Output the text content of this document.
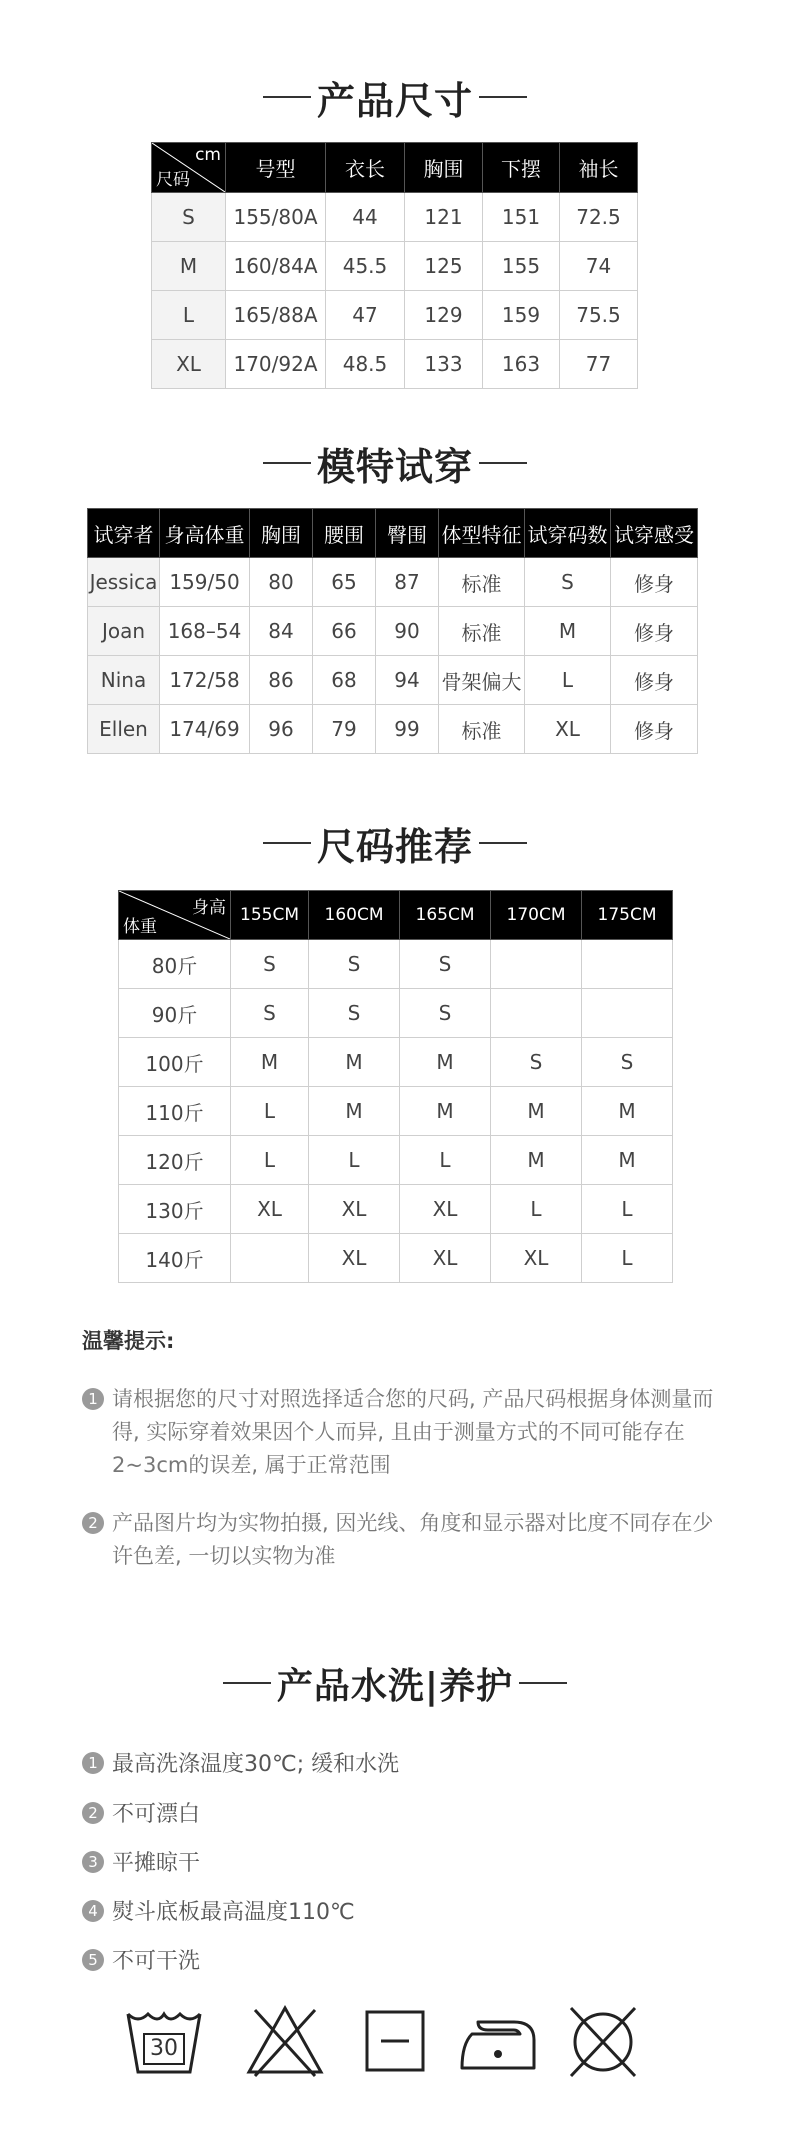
产品尺寸
cm
尺码	号型	衣长	胸围	下摆	袖长
S	155/80A	44	121	151	72.5
M	160/84A	45.5	125	155	74
L	165/88A	47	129	159	75.5
XL	170/92A	48.5	133	163	77
模特试穿
试穿者	身高体重	胸围	腰围	臀围	体型特征	试穿码数	试穿感受
Jessica	159/50	80	65	87	标准	S	修身
Joan	168–54	84	66	90	标准	M	修身
Nina	172/58	86	68	94	骨架偏大	L	修身
Ellen	174/69	96	79	99	标准	XL	修身
尺码推荐
身高
体重	155CM	160CM	165CM	170CM	175CM
80斤	S	S	S		
90斤	S	S	S		
100斤	M	M	M	S	S
110斤	L	M	M	M	M
120斤	L	L	L	M	M
130斤	XL	XL	XL	L	L
140斤		XL	XL	XL	L
温馨提示:
1 请根据您的尺寸对照选择适合您的尺码, 产品尺码根据身体测量而得, 实际穿着效果因个人而异, 且由于测量方式的不同可能存在2~3cm的误差, 属于正常范围
2 产品图片均为实物拍摄, 因光线、角度和显示器对比度不同存在少许色差, 一切以实物为准
产品水洗|养护
1 最高洗涤温度30℃; 缓和水洗
2 不可漂白
3 平摊晾干
4 熨斗底板最高温度110℃
5 不可干洗
30
